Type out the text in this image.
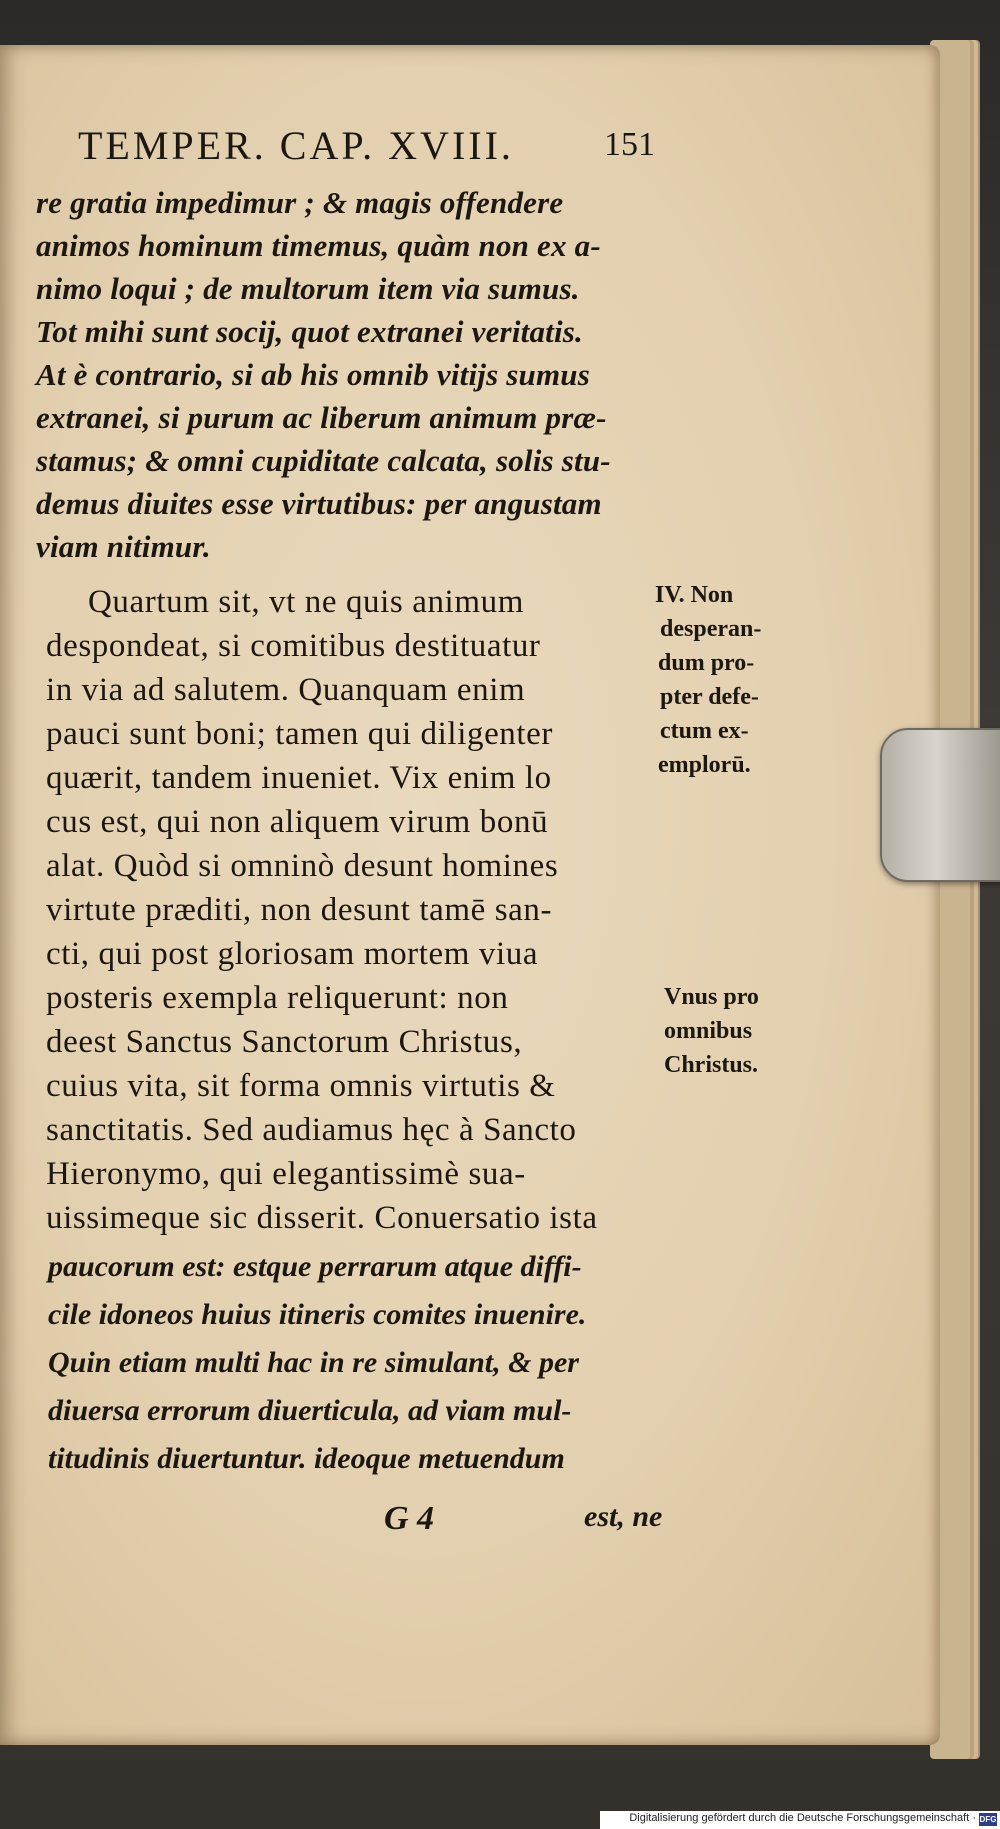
TEMPER. CAP. XVIII.	151
re gratia impedimur ; & magis offendere
animos hominum timemus, quàm non ex a-
nimo loqui ; de multorum item via sumus.
Tot mihi sunt socij, quot extranei veritatis.
At è contrario, si ab his omnib vitijs sumus
extranei, si purum ac liberum animum præ-
stamus; & omni cupiditate calcata, solis stu-
demus diuites esse virtutibus: per angustam
viam nitimur.
Quartum sit, vt ne quis animum
despondeat, si comitibus destituatur
in via ad salutem. Quanquam enim
pauci sunt boni; tamen qui diligenter
quærit, tandem inueniet. Vix enim lo
cus est, qui non aliquem virum bonū
alat. Quòd si omninò desunt homines
virtute præditi, non desunt tamē san-
cti, qui post gloriosam mortem viua
posteris exempla reliquerunt: non
deest Sanctus Sanctorum Christus,
cuius vita, sit forma omnis virtutis &
sanctitatis. Sed audiamus hęc à Sancto
Hieronymo, qui elegantissimè sua-
uissimeque sic disserit. Conuersatio ista
paucorum est: estque perrarum atque diffi-
cile idoneos huius itineris comites inuenire.
Quin etiam multi hac in re simulant, & per
diuersa errorum diuerticula, ad viam mul-
titudinis diuertuntur. ideoque metuendum
IV. Non
desperan-
dum pro-
pter defe-
ctum ex-
emplorū.
Vnus pro
omnibus
Christus.
G 4	est, ne
Digitalisierung gefördert durch die Deutsche Forschungsgemeinschaft · DFG
